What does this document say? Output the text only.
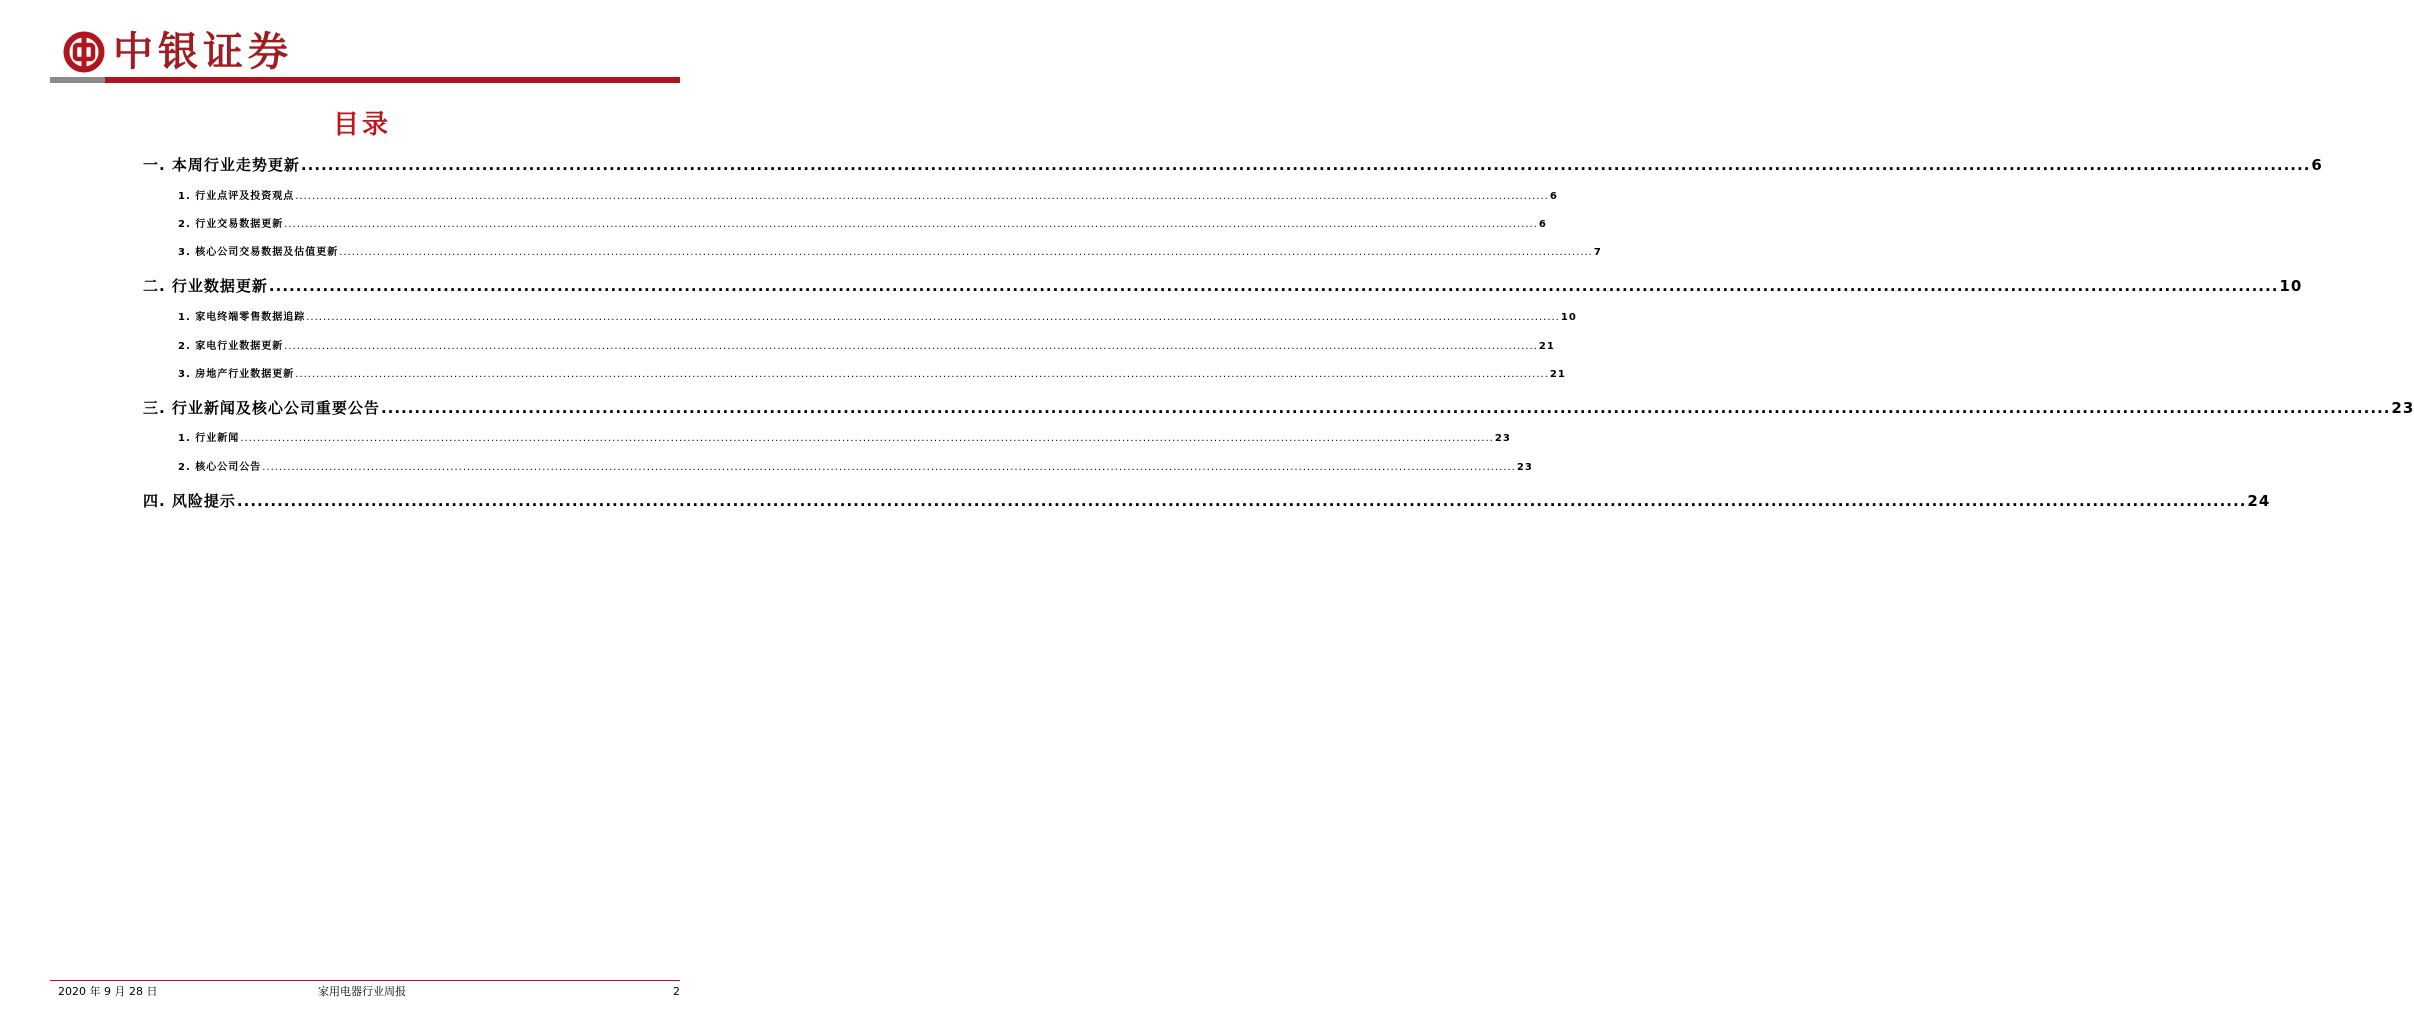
中银证券
目录
一. 本周行业走势更新 ............................................................................................................................................................................................................................................................................................................ 6
1. 行业点评及投资观点 ............................................................................................................................................................................................................................................................................................................ 6
2. 行业交易数据更新 ............................................................................................................................................................................................................................................................................................................ 6
3. 核心公司交易数据及估值更新 ............................................................................................................................................................................................................................................................................................................ 7
二. 行业数据更新 ............................................................................................................................................................................................................................................................................................................ 10
1. 家电终端零售数据追踪 ............................................................................................................................................................................................................................................................................................................ 10
2. 家电行业数据更新 ............................................................................................................................................................................................................................................................................................................ 21
3. 房地产行业数据更新 ............................................................................................................................................................................................................................................................................................................ 21
三. 行业新闻及核心公司重要公告 ............................................................................................................................................................................................................................................................................................................ 23
1. 行业新闻 ............................................................................................................................................................................................................................................................................................................ 23
2. 核心公司公告 ............................................................................................................................................................................................................................................................................................................ 23
四. 风险提示 ............................................................................................................................................................................................................................................................................................................ 24
2020 年 9 月 28 日	家用电器行业周报	2
